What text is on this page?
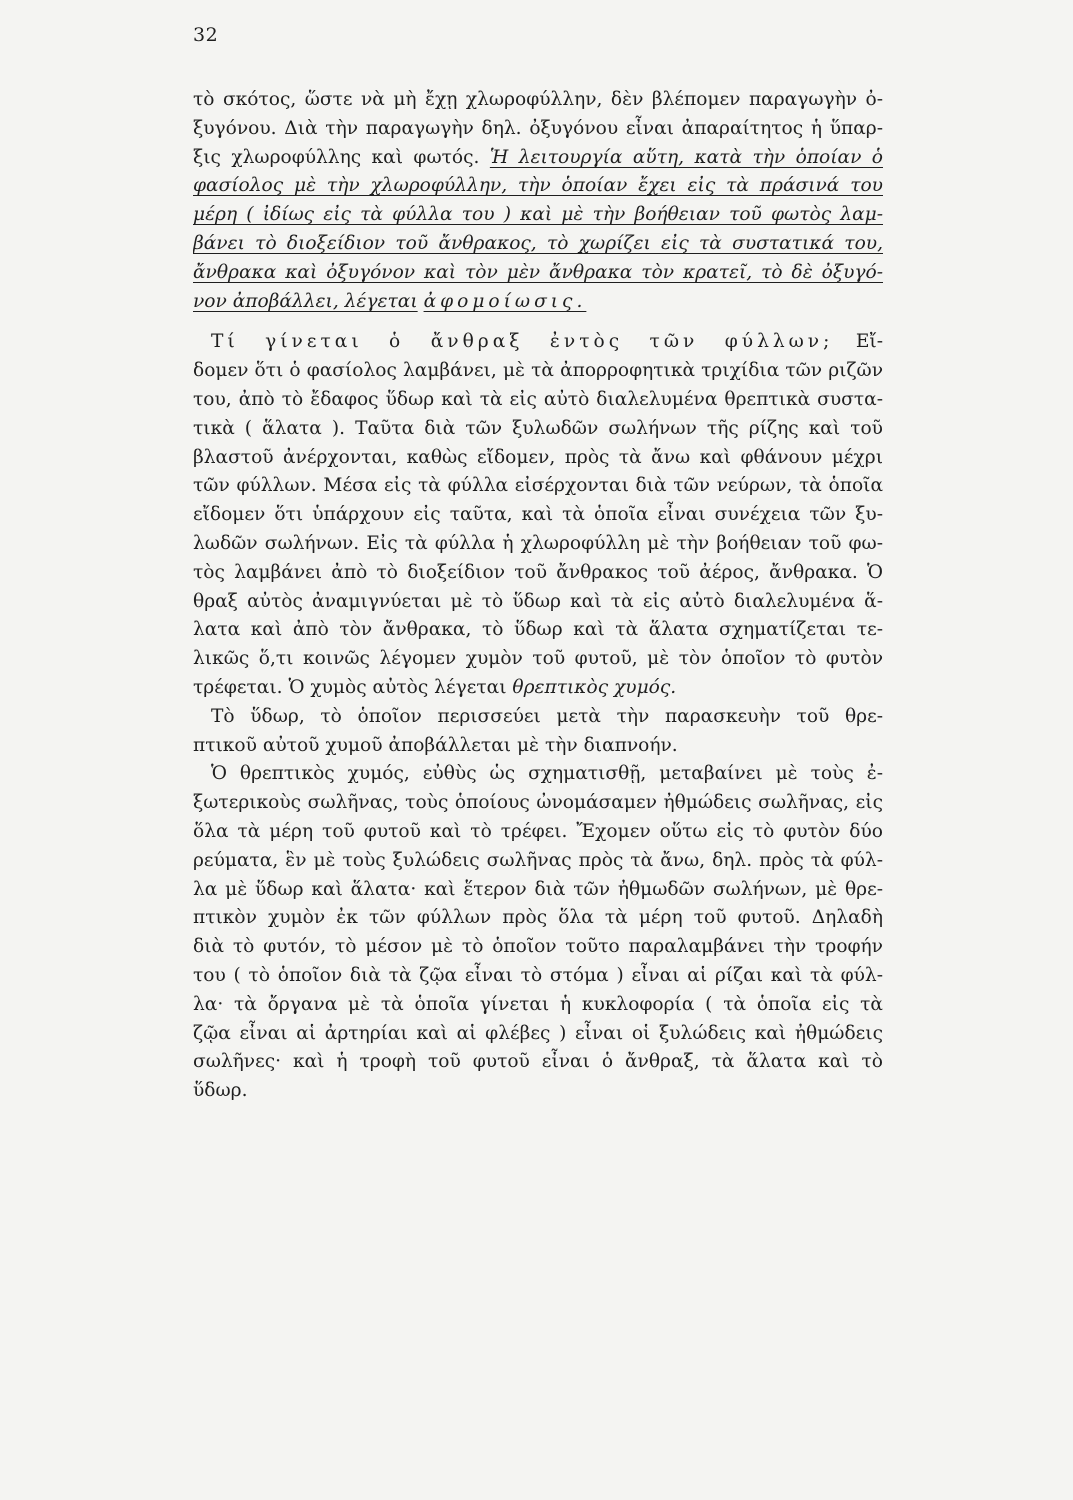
32
τὸ σκότος, ὥστε νὰ μὴ ἔχῃ χλωροφύλλην, δὲν βλέπομεν παραγωγὴν ὀ-
ξυγόνου. Διὰ τὴν παραγωγὴν δηλ. ὀξυγόνου εἶναι ἀπαραίτητος ἡ ὕπαρ-
ξις χλωροφύλλης καὶ φωτός. Ἡ λειτουργία αὕτη, κατὰ τὴν ὁποίαν ὁ
φασίολος μὲ τὴν χλωροφύλλην, τὴν ὁποίαν ἔχει εἰς τὰ πράσινά του
μέρη ( ἰδίως εἰς τὰ φύλλα του ) καὶ μὲ τὴν βοήθειαν τοῦ φωτὸς λαμ-
βάνει τὸ διοξείδιον τοῦ ἄνθρακος, τὸ χωρίζει εἰς τὰ συστατικά του,
ἄνθρακα καὶ ὀξυγόνον καὶ τὸν μὲν ἄνθρακα τὸν κρατεῖ, τὸ δὲ ὀξυγό-
νον ἀποβάλλει, λέγεται ἀφομοίωσις.
Τί γίνεται ὁ ἄνθραξ ἐντὸς τῶν φύλλων; Εἴ-
δομεν ὅτι ὁ φασίολος λαμβάνει, μὲ τὰ ἀπορροφητικὰ τριχίδια τῶν ριζῶν
του, ἀπὸ τὸ ἔδαφος ὕδωρ καὶ τὰ εἰς αὐτὸ διαλελυμένα θρεπτικὰ συστα-
τικὰ ( ἅλατα ). Ταῦτα διὰ τῶν ξυλωδῶν σωλήνων τῆς ρίζης καὶ τοῦ
βλαστοῦ ἀνέρχονται, καθὼς εἴδομεν, πρὸς τὰ ἄνω καὶ φθάνουν μέχρι
τῶν φύλλων. Μέσα εἰς τὰ φύλλα εἰσέρχονται διὰ τῶν νεύρων, τὰ ὁποῖα
εἴδομεν ὅτι ὑπάρχουν εἰς ταῦτα, καὶ τὰ ὁποῖα εἶναι συνέχεια τῶν ξυ-
λωδῶν σωλήνων. Εἰς τὰ φύλλα ἡ χλωροφύλλη μὲ τὴν βοήθειαν τοῦ φω-
τὸς λαμβάνει ἀπὸ τὸ διοξείδιον τοῦ ἄνθρακος τοῦ ἀέρος, ἄνθρακα. Ὁ
θραξ αὐτὸς ἀναμιγνύεται μὲ τὸ ὕδωρ καὶ τὰ εἰς αὐτὸ διαλελυμένα ἅ-
λατα καὶ ἀπὸ τὸν ἄνθρακα, τὸ ὕδωρ καὶ τὰ ἅλατα σχηματίζεται τε-
λικῶς ὅ,τι κοινῶς λέγομεν χυμὸν τοῦ φυτοῦ, μὲ τὸν ὁποῖον τὸ φυτὸν
τρέφεται. Ὁ χυμὸς αὐτὸς λέγεται θρεπτικὸς χυμός.
Τὸ ὕδωρ, τὸ ὁποῖον περισσεύει μετὰ τὴν παρασκευὴν τοῦ θρε-
πτικοῦ αὐτοῦ χυμοῦ ἀποβάλλεται μὲ τὴν διαπνοήν.
Ὁ θρεπτικὸς χυμός, εὐθὺς ὡς σχηματισθῇ, μεταβαίνει μὲ τοὺς ἐ-
ξωτερικοὺς σωλῆνας, τοὺς ὁποίους ὠνομάσαμεν ἠθμώδεις σωλῆνας, εἰς
ὅλα τὰ μέρη τοῦ φυτοῦ καὶ τὸ τρέφει. Ἔχομεν οὕτω εἰς τὸ φυτὸν δύο
ρεύματα, ἓν μὲ τοὺς ξυλώδεις σωλῆνας πρὸς τὰ ἄνω, δηλ. πρὸς τὰ φύλ-
λα μὲ ὕδωρ καὶ ἅλατα· καὶ ἕτερον διὰ τῶν ἠθμωδῶν σωλήνων, μὲ θρε-
πτικὸν χυμὸν ἐκ τῶν φύλλων πρὸς ὅλα τὰ μέρη τοῦ φυτοῦ. Δηλαδὴ
διὰ τὸ φυτόν, τὸ μέσον μὲ τὸ ὁποῖον τοῦτο παραλαμβάνει τὴν τροφήν
του ( τὸ ὁποῖον διὰ τὰ ζῷα εἶναι τὸ στόμα ) εἶναι αἱ ρίζαι καὶ τὰ φύλ-
λα· τὰ ὄργανα μὲ τὰ ὁποῖα γίνεται ἡ κυκλοφορία ( τὰ ὁποῖα εἰς τὰ
ζῷα εἶναι αἱ ἀρτηρίαι καὶ αἱ φλέβες ) εἶναι οἱ ξυλώδεις καὶ ἠθμώδεις
σωλῆνες· καὶ ἡ τροφὴ τοῦ φυτοῦ εἶναι ὁ ἄνθραξ, τὰ ἅλατα καὶ τὸ
ὕδωρ.
